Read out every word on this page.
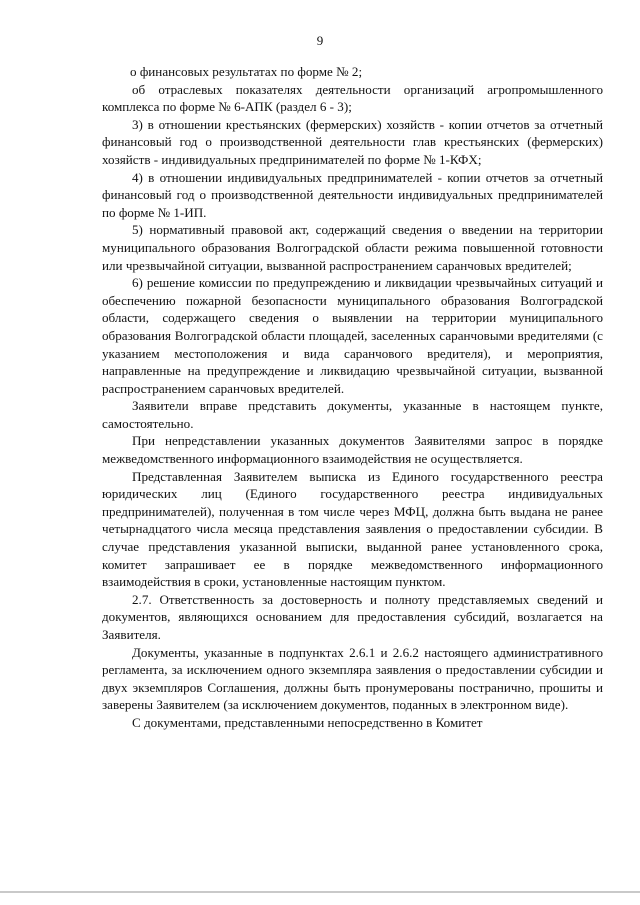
9

о финансовых результатах по форме № 2;

об отраслевых показателях деятельности организаций агропромышленного комплекса по форме № 6-АПК (раздел 6 - 3);

3) в отношении крестьянских (фермерских) хозяйств - копии отчетов за отчетный финансовый год о производственной деятельности глав крестьянских (фермерских) хозяйств - индивидуальных предпринимателей по форме № 1-КФХ;

4) в отношении индивидуальных предпринимателей - копии отчетов за отчетный финансовый год о производственной деятельности индивидуальных предпринимателей по форме № 1-ИП.

5) нормативный правовой акт, содержащий сведения о введении на территории муниципального образования Волгоградской области режима повышенной готовности или чрезвычайной ситуации, вызванной распространением саранчовых вредителей;

6) решение комиссии по предупреждению и ликвидации чрезвычайных ситуаций и обеспечению пожарной безопасности муниципального образования Волгоградской области, содержащего сведения о выявлении на территории муниципального образования Волгоградской области площадей, заселенных саранчовыми вредителями (с указанием местоположения и вида саранчового вредителя), и мероприятия, направленные на предупреждение и ликвидацию чрезвычайной ситуации, вызванной распространением саранчовых вредителей.

Заявители вправе представить документы, указанные в настоящем пункте, самостоятельно.

При непредставлении указанных документов Заявителями запрос в порядке межведомственного информационного взаимодействия не осуществляется.

Представленная Заявителем выписка из Единого государственного реестра юридических лиц (Единого государственного реестра индивидуальных предпринимателей), полученная в том числе через МФЦ, должна быть выдана не ранее четырнадцатого числа месяца представления заявления о предоставлении субсидии. В случае представления указанной выписки, выданной ранее установленного срока, комитет запрашивает ее в порядке межведомственного информационного взаимодействия в сроки, установленные настоящим пунктом.

2.7. Ответственность за достоверность и полноту представляемых сведений и документов, являющихся основанием для предоставления субсидий, возлагается на Заявителя.

Документы, указанные в подпунктах 2.6.1 и 2.6.2 настоящего административного регламента, за исключением одного экземпляра заявления о предоставлении субсидии и двух экземпляров Соглашения, должны быть пронумерованы постранично, прошиты и заверены Заявителем (за исключением документов, поданных в электронном виде).

С документами, представленными непосредственно в Комитет
